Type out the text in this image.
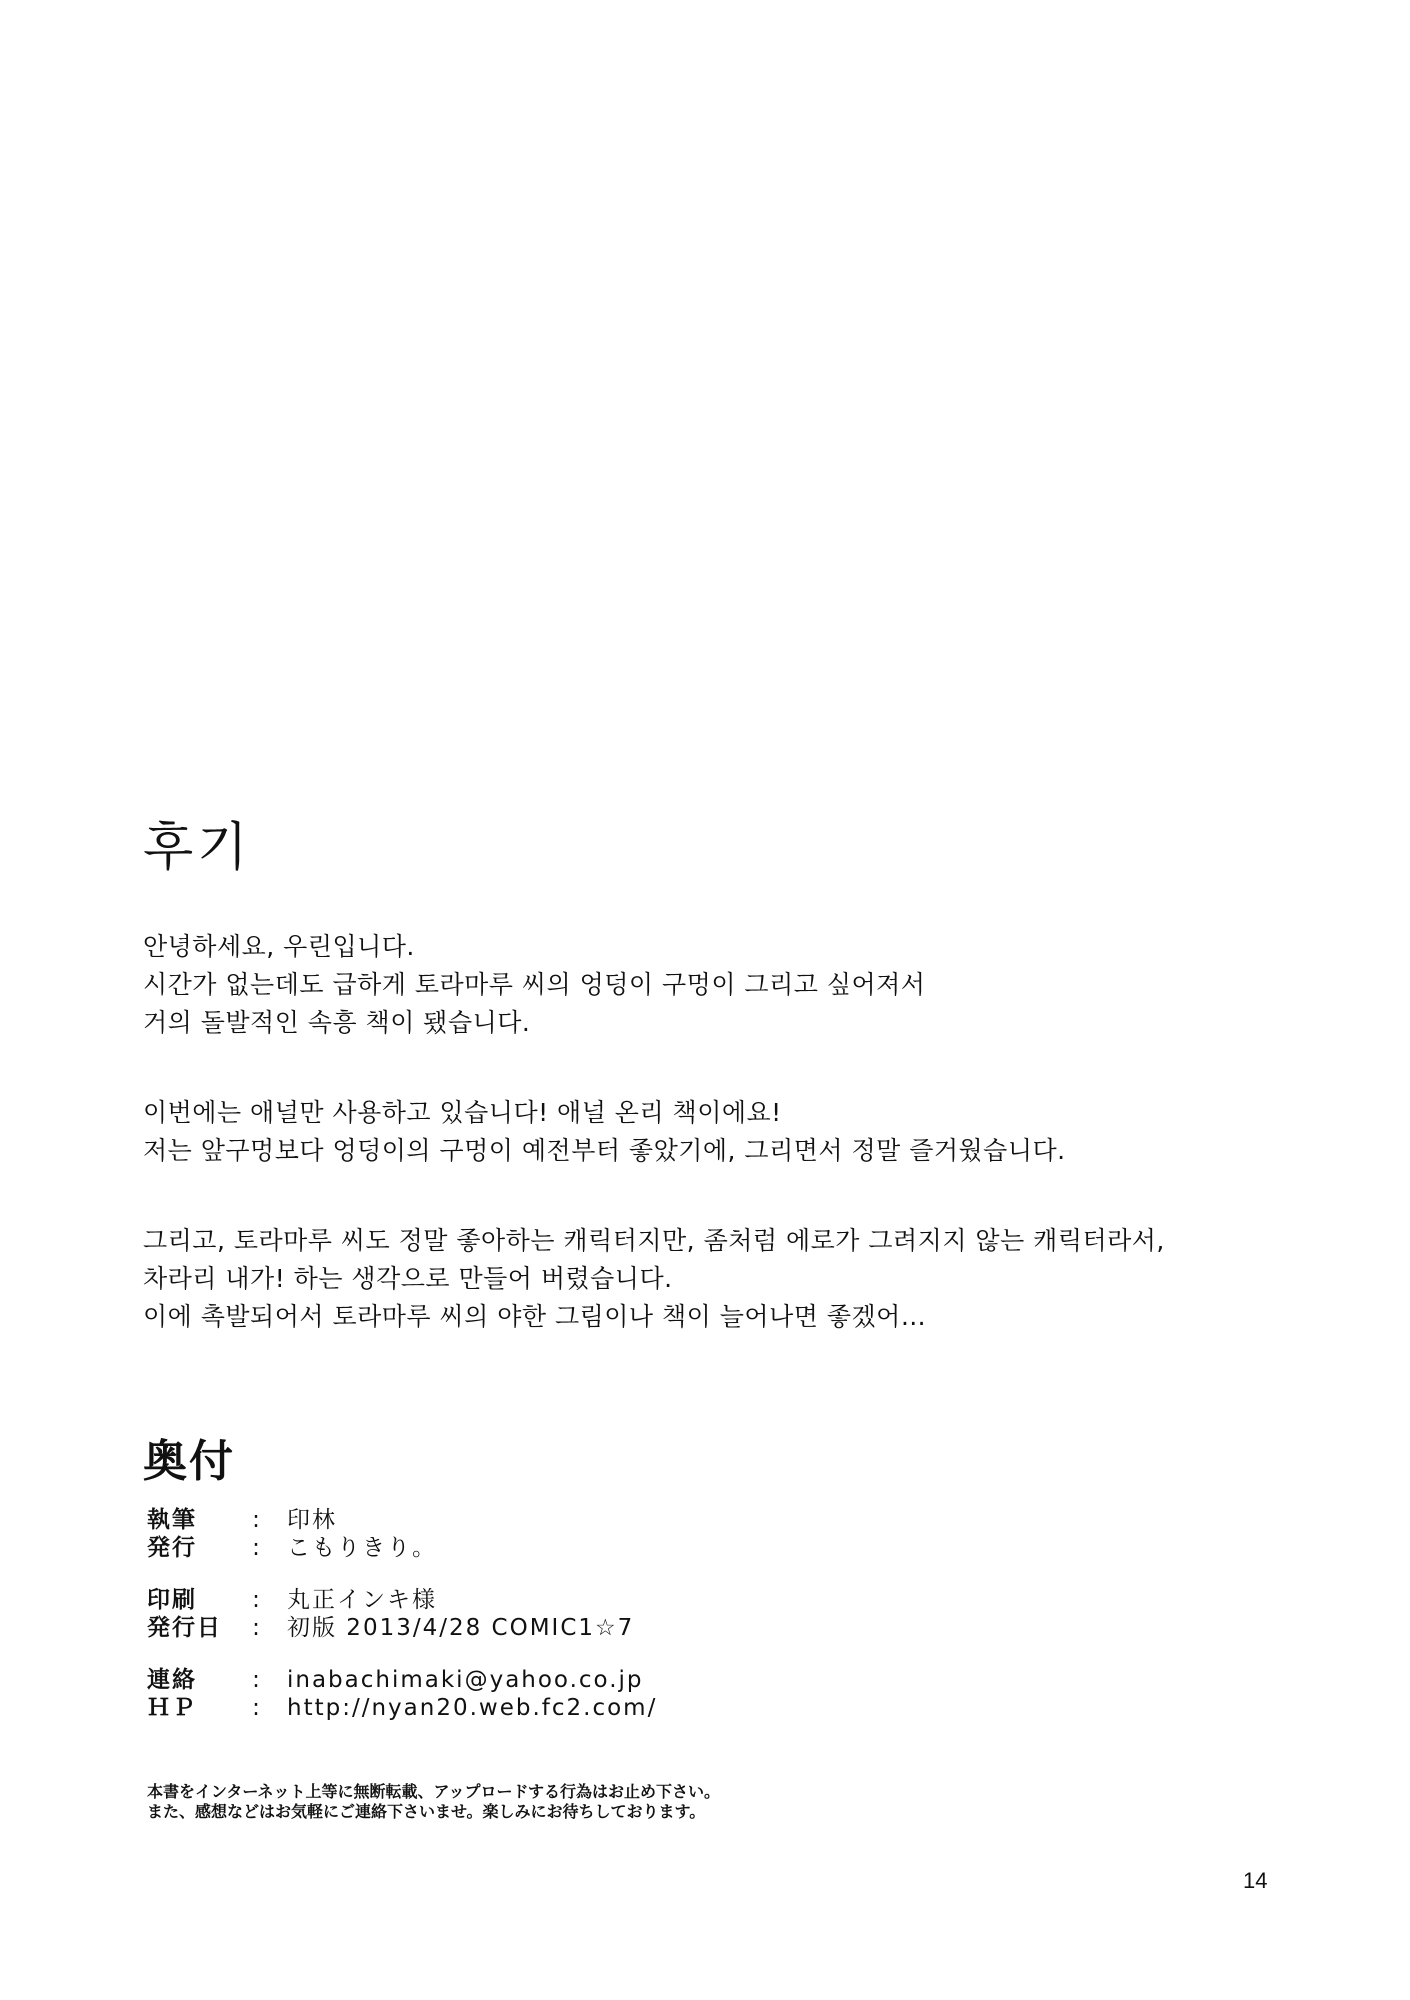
후기

안녕하세요, 우린입니다.
시간가 없는데도 급하게 토라마루 씨의 엉덩이 구멍이 그리고 싶어져서
거의 돌발적인 속흥 책이 됐습니다.

이번에는 애널만 사용하고 있습니다! 애널 온리 책이에요!
저는 앞구멍보다 엉덩이의 구멍이 예전부터 좋았기에, 그리면서 정말 즐거웠습니다.

그리고, 토라마루 씨도 정말 좋아하는 캐릭터지만, 좀처럼 에로가 그려지지 않는 캐릭터라서,
차라리 내가! 하는 생각으로 만들어 버렸습니다.
이에 촉발되어서 토라마루 씨의 야한 그림이나 책이 늘어나면 좋겠어…

奥付
執筆	:	印林
発行	:	こもりきり。
印刷	:	丸正インキ様
発行日	:	初版 2013/4/28 COMIC1☆7
連絡	:	inabachimaki@yahoo.co.jp
ＨＰ	:	http://nyan20.web.fc2.com/
本書をインターネット上等に無断転載、アップロードする行為はお止め下さい。
また、感想などはお気軽にご連絡下さいませ。楽しみにお待ちしております。
14
